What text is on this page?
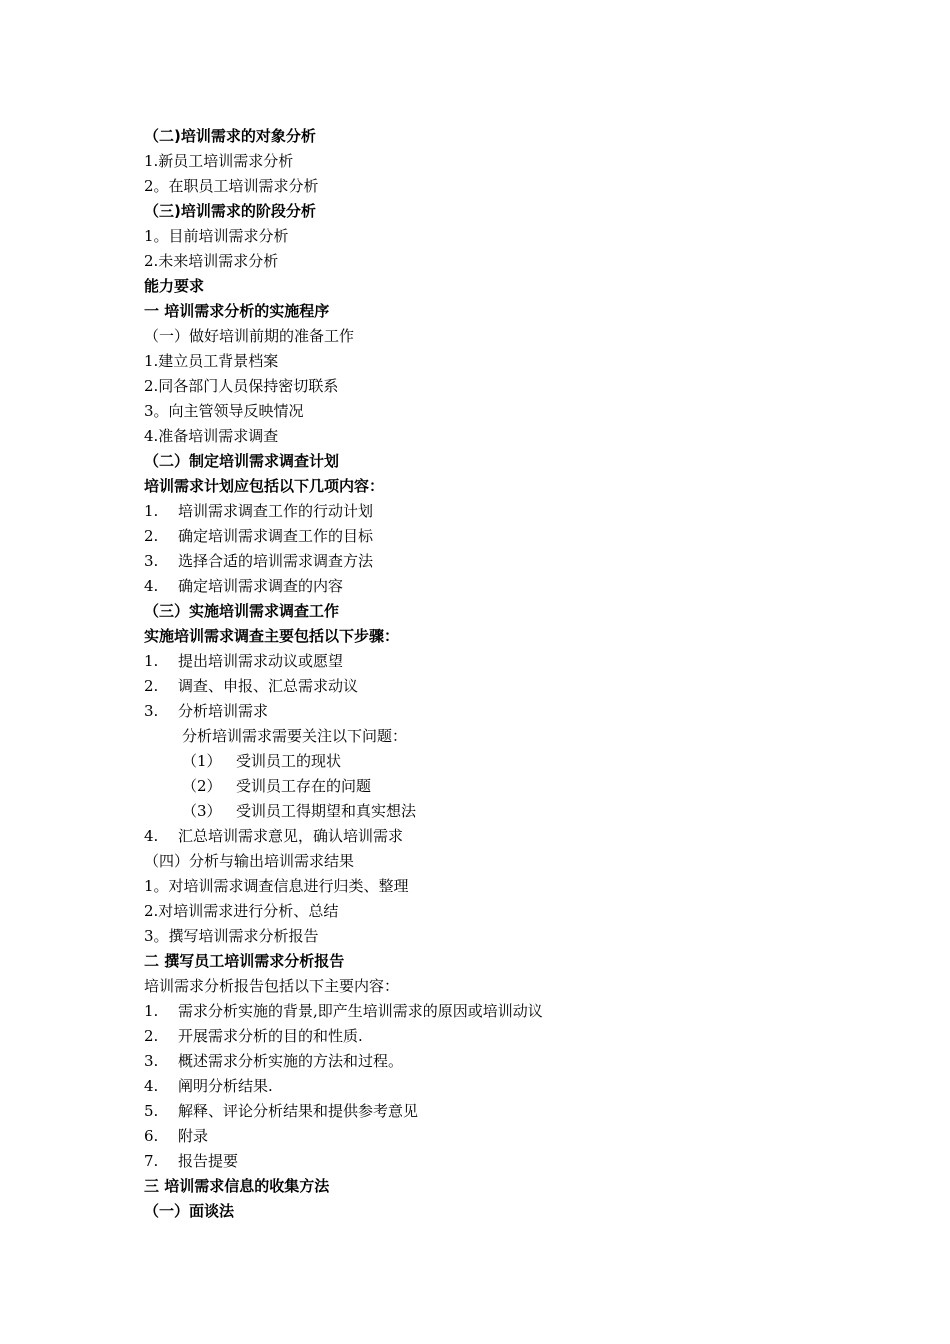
（二)培训需求的对象分析
1.新员工培训需求分析
2。在职员工培训需求分析
（三)培训需求的阶段分析
1。目前培训需求分析
2.未来培训需求分析
能力要求
一 培训需求分析的实施程序
（一）做好培训前期的准备工作
1.建立员工背景档案
2.同各部门人员保持密切联系
3。向主管领导反映情况
4.准备培训需求调查
（二）制定培训需求调查计划
培训需求计划应包括以下几项内容：
1. 培训需求调查工作的行动计划
2. 确定培训需求调查工作的目标
3. 选择合适的培训需求调查方法
4. 确定培训需求调查的内容
（三）实施培训需求调查工作
实施培训需求调查主要包括以下步骤：
1. 提出培训需求动议或愿望
2. 调查、申报、汇总需求动议
3. 分析培训需求
分析培训需求需要关注以下问题：
（1） 受训员工的现状
（2） 受训员工存在的问题
（3） 受训员工得期望和真实想法
4. 汇总培训需求意见，确认培训需求
（四）分析与输出培训需求结果
1。对培训需求调查信息进行归类、整理
2.对培训需求进行分析、总结
3。撰写培训需求分析报告
二 撰写员工培训需求分析报告
培训需求分析报告包括以下主要内容：
1. 需求分析实施的背景,即产生培训需求的原因或培训动议
2. 开展需求分析的目的和性质.
3. 概述需求分析实施的方法和过程。
4. 阐明分析结果.
5. 解释、评论分析结果和提供参考意见
6. 附录
7. 报告提要
三 培训需求信息的收集方法
（一）面谈法
